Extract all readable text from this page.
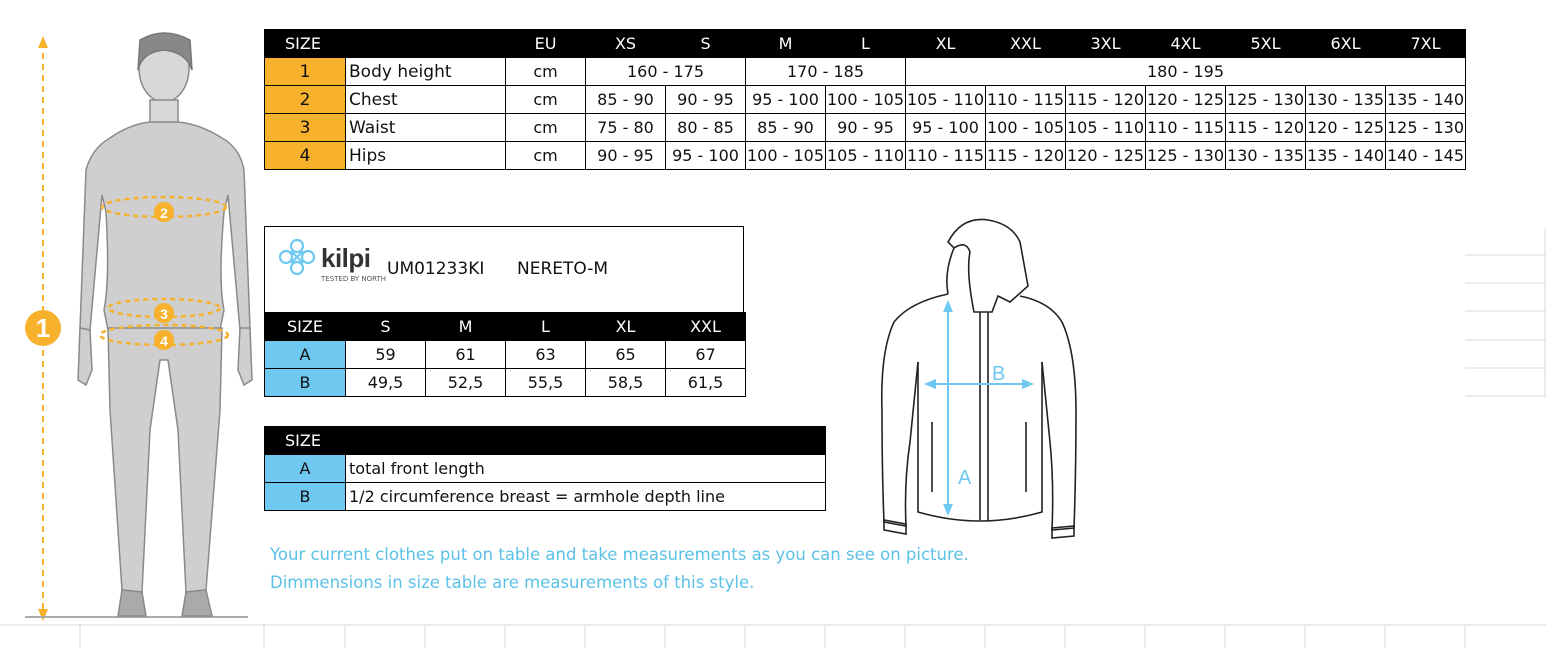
1
2
3
4
SIZE		EU	XS	S	M	L	XL	XXL	3XL	4XL	5XL	6XL	7XL
1	Body height	cm	160 - 175		170 - 185		180 - 195						
2	Chest	cm	85 - 90	90 - 95	95 - 100	100 - 105	105 - 110	110 - 115	115 - 120	120 - 125	125 - 130	130 - 135	135 - 140
3	Waist	cm	75 - 80	80 - 85	85 - 90	90 - 95	95 - 100	100 - 105	105 - 110	110 - 115	115 - 120	120 - 125	125 - 130
4	Hips	cm	90 - 95	95 - 100	100 - 105	105 - 110	110 - 115	115 - 120	120 - 125	125 - 130	130 - 135	135 - 140	140 - 145
kilpi
TESTED BY NORTH UM01233KI NERETO-M
SIZE	S	M	L	XL	XXL
A	59	61	63	65	67
B	49,5	52,5	55,5	58,5	61,5
SIZE	
A	total front length
B	1/2 circumference breast = armhole depth line
A
B
Your current clothes put on table and take measurements as you can see on picture.
Dimmensions in size table are measurements of this style.
